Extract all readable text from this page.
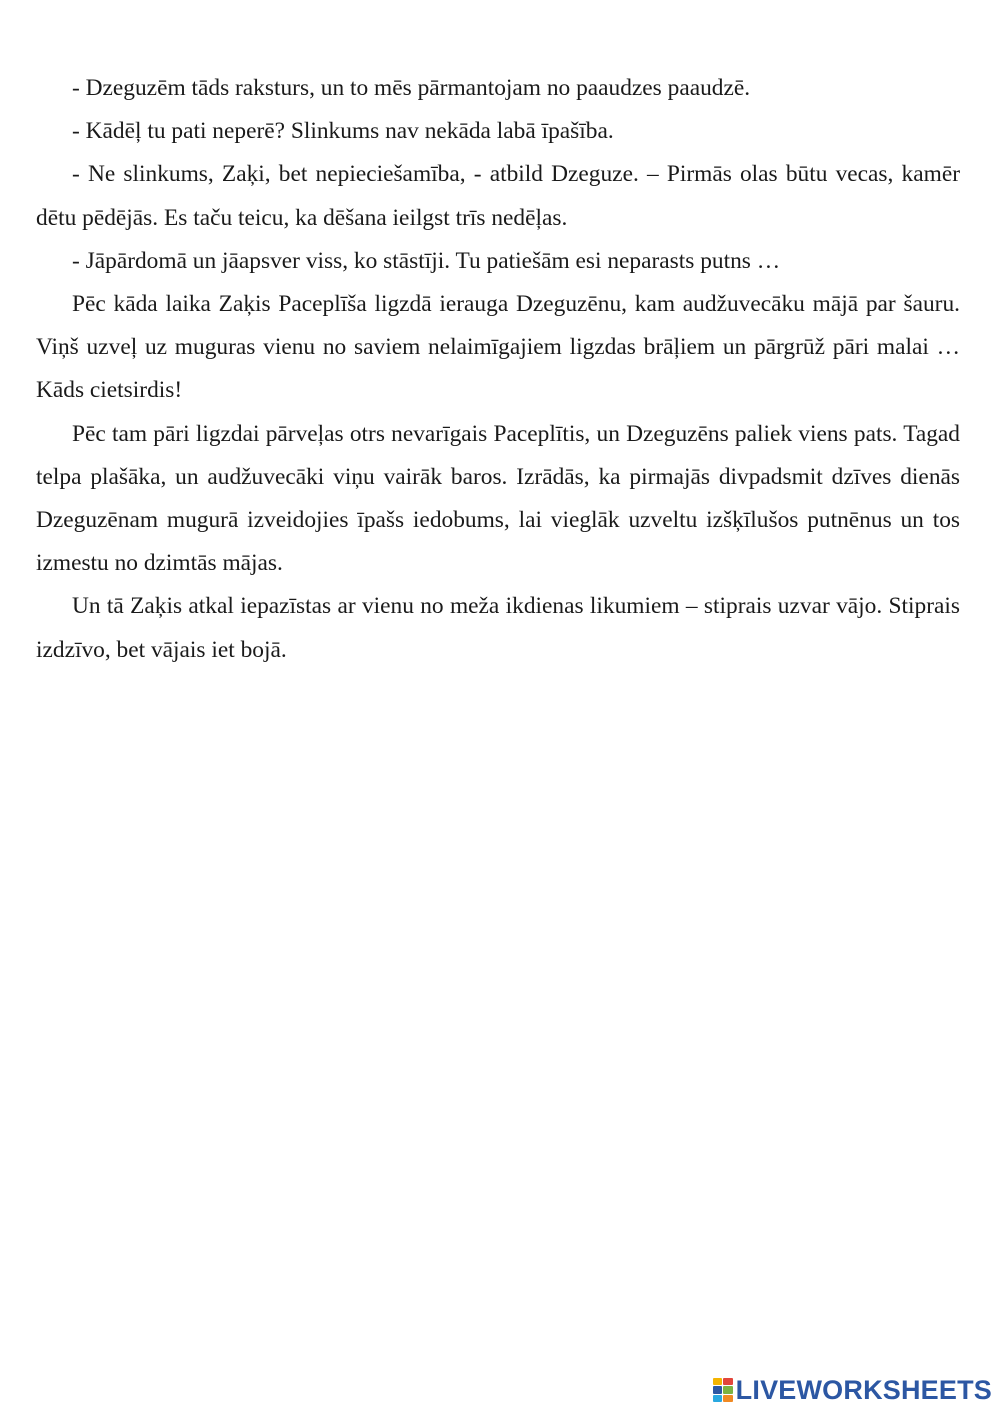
- Dzeguzēm tāds raksturs, un to mēs pārmantojam no paaudzes paaudzē.

- Kādēļ tu pati neperē? Slinkums nav nekāda labā īpašība.

- Ne slinkums, Zaķi, bet nepieciešamība, - atbild Dzeguze. – Pirmās olas būtu vecas, kamēr dētu pēdējās. Es taču teicu, ka dēšana ieilgst trīs nedēļas.

- Jāpārdomā un jāapsver viss, ko stāstīji. Tu patiešām esi neparasts putns …

Pēc kāda laika Zaķis Paceplīša ligzdā ierauga Dzeguzēnu, kam audžuvecāku mājā par šauru. Viņš uzveļ uz muguras vienu no saviem nelaimīgajiem ligzdas brāļiem un pārgrūž pāri malai … Kāds cietsirdis!

Pēc tam pāri ligzdai pārveļas otrs nevarīgais Paceplītis, un Dzeguzēns paliek viens pats. Tagad telpa plašāka, un audžuvecāki viņu vairāk baros. Izrādās, ka pirmajās divpadsmit dzīves dienās Dzeguzēnam mugurā izveidojies īpašs iedobums, lai vieglāk uzveltu izšķīlušos putnēnus un tos izmestu no dzimtās mājas.

Un tā Zaķis atkal iepazīstas ar vienu no meža ikdienas likumiem – stiprais uzvar vājo. Stiprais izdzīvo, bet vājais iet bojā.

LIVEWORKSHEETS
